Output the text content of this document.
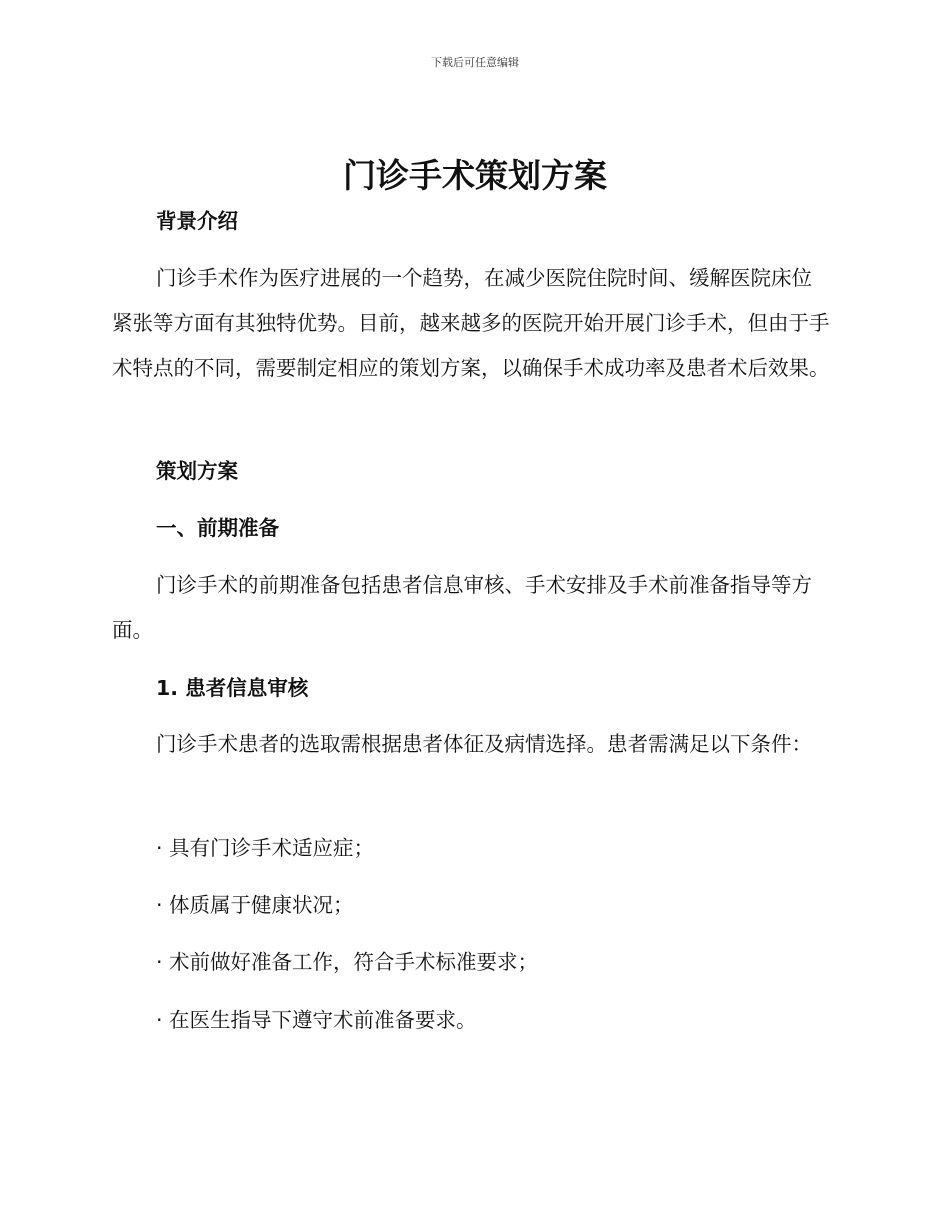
下载后可任意编辑
门诊手术策划方案
背景介绍

门诊手术作为医疗进展的一个趋势，在减少医院住院时间、缓解医院床位紧张等方面有其独特优势。目前，越来越多的医院开始开展门诊手术，但由于手术特点的不同，需要制定相应的策划方案，以确保手术成功率及患者术后效果。

策划方案
一、前期准备

门诊手术的前期准备包括患者信息审核、手术安排及手术前准备指导等方面。

1. 患者信息审核

门诊手术患者的选取需根据患者体征及病情选择。患者需满足以下条件：

· 具有门诊手术适应症；
· 体质属于健康状况；
· 术前做好准备工作，符合手术标准要求；
· 在医生指导下遵守术前准备要求。
